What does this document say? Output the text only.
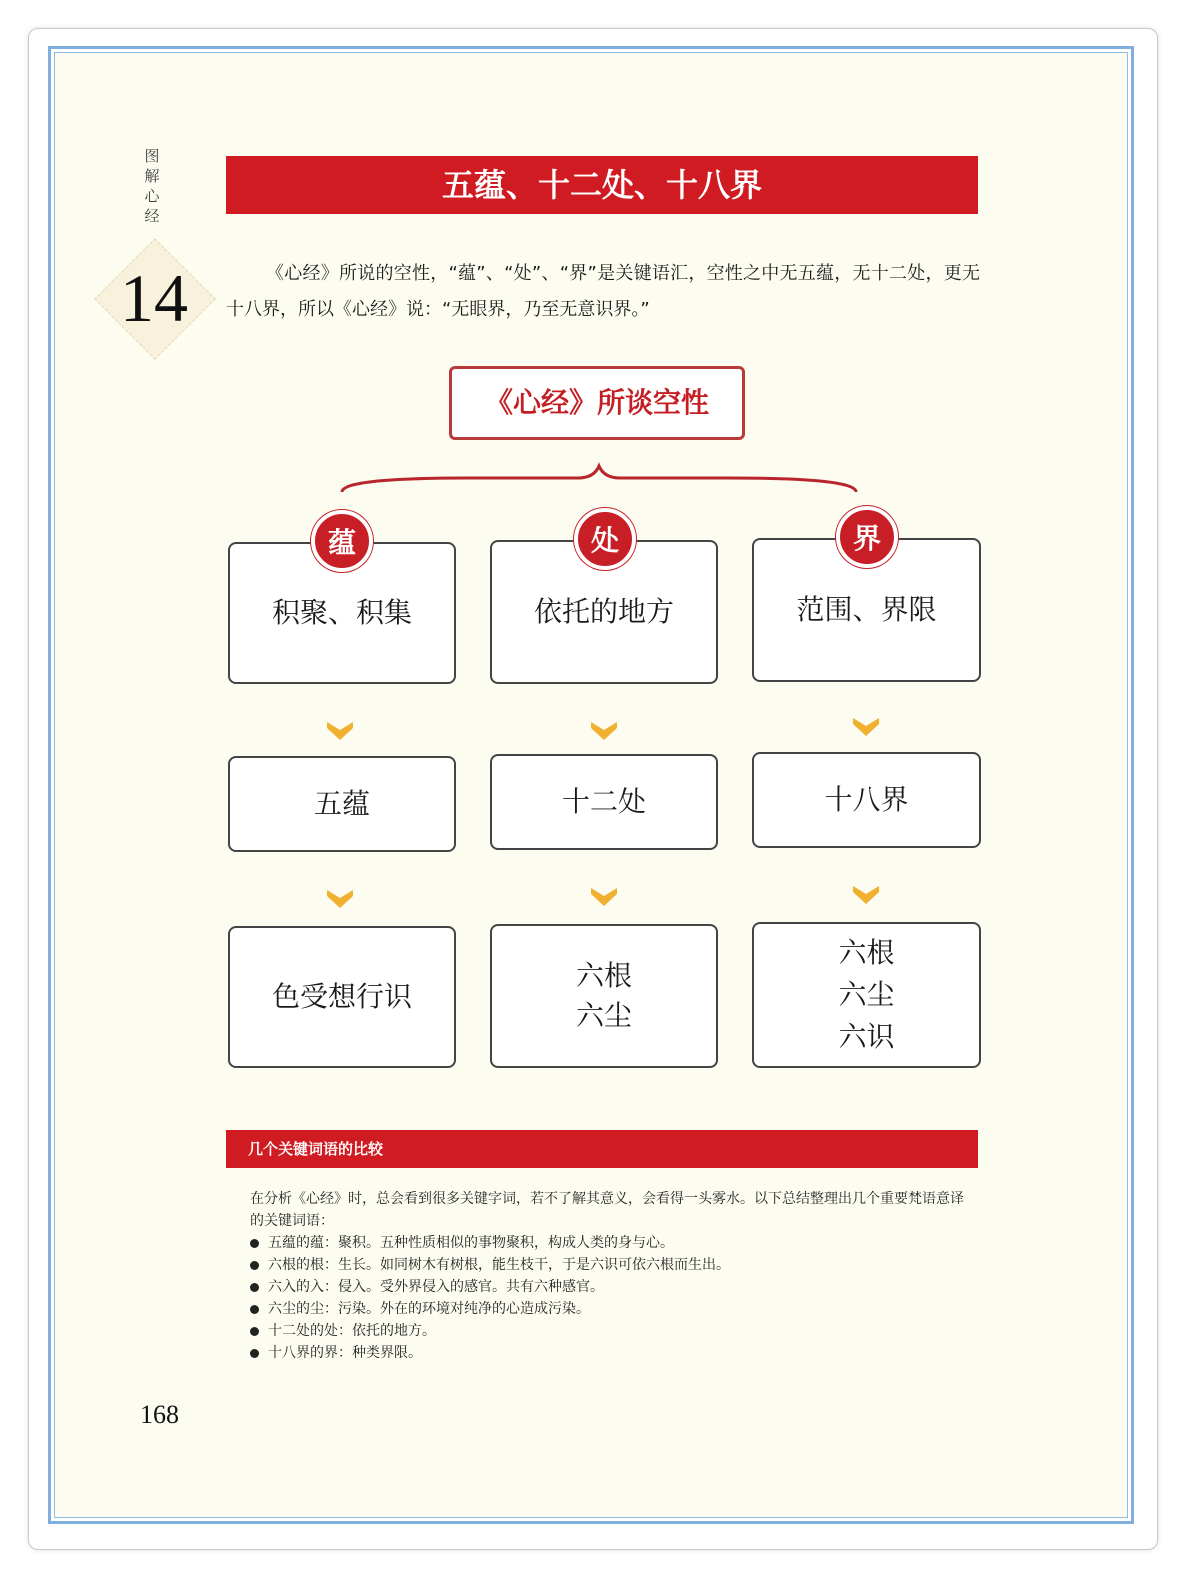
图解心经
14
五蕴、十二处、十八界
《心经》所说的空性，“蕴”、“处”、“界”是关键语汇，空性之中无五蕴，无十二处，更无十八界，所以《心经》说：“无眼界，乃至无意识界。”
《心经》所谈空性
积聚、积集	依托的地方	范围、界限
蕴	处	界
五蕴	十二处	十八界
色受想行识
六根
六尘
六根
六尘
六识
几个关键词语的比较
在分析《心经》时，总会看到很多关键字词，若不了解其意义，会看得一头雾水。以下总结整理出几个重要梵语意译的关键词语：
五蕴的蕴：聚积。五种性质相似的事物聚积，构成人类的身与心。
六根的根：生长。如同树木有树根，能生枝干，于是六识可依六根而生出。
六入的入：侵入。受外界侵入的感官。共有六种感官。
六尘的尘：污染。外在的环境对纯净的心造成污染。
十二处的处：依托的地方。
十八界的界：种类界限。
168
